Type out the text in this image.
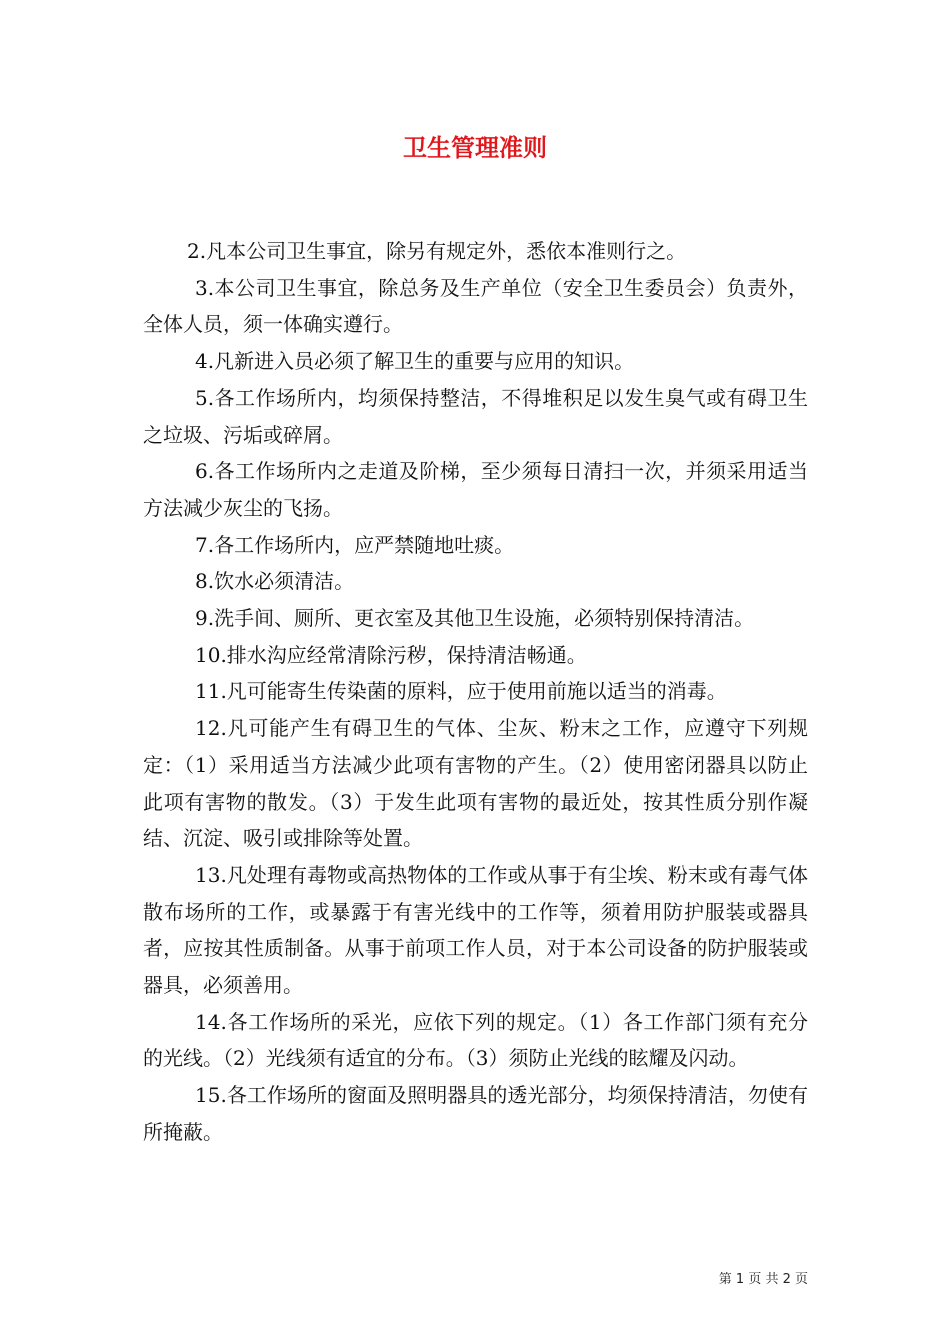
卫生管理准则

2.凡本公司卫生事宜，除另有规定外，悉依本准则行之。

3.本公司卫生事宜，除总务及生产单位（安全卫生委员会）负责外，全体人员，须一体确实遵行。

4.凡新进入员必须了解卫生的重要与应用的知识。

5.各工作场所内，均须保持整洁，不得堆积足以发生臭气或有碍卫生之垃圾、污垢或碎屑。

6.各工作场所内之走道及阶梯，至少须每日清扫一次，并须采用适当方法减少灰尘的飞扬。

7.各工作场所内，应严禁随地吐痰。

8.饮水必须清洁。

9.洗手间、厕所、更衣室及其他卫生设施，必须特别保持清洁。

10.排水沟应经常清除污秽，保持清洁畅通。

11.凡可能寄生传染菌的原料，应于使用前施以适当的消毒。

12.凡可能产生有碍卫生的气体、尘灰、粉末之工作，应遵守下列规定：（1）采用适当方法减少此项有害物的产生。（2）使用密闭器具以防止此项有害物的散发。（3）于发生此项有害物的最近处，按其性质分别作凝结、沉淀、吸引或排除等处置。

13.凡处理有毒物或高热物体的工作或从事于有尘埃、粉末或有毒气体散布场所的工作，或暴露于有害光线中的工作等，须着用防护服装或器具者，应按其性质制备。从事于前项工作人员，对于本公司设备的防护服装或器具，必须善用。

14.各工作场所的采光，应依下列的规定。（1）各工作部门须有充分的光线。（2）光线须有适宜的分布。（3）须防止光线的眩耀及闪动。

15.各工作场所的窗面及照明器具的透光部分，均须保持清洁，勿使有所掩蔽。

第 1 页 共 2 页
